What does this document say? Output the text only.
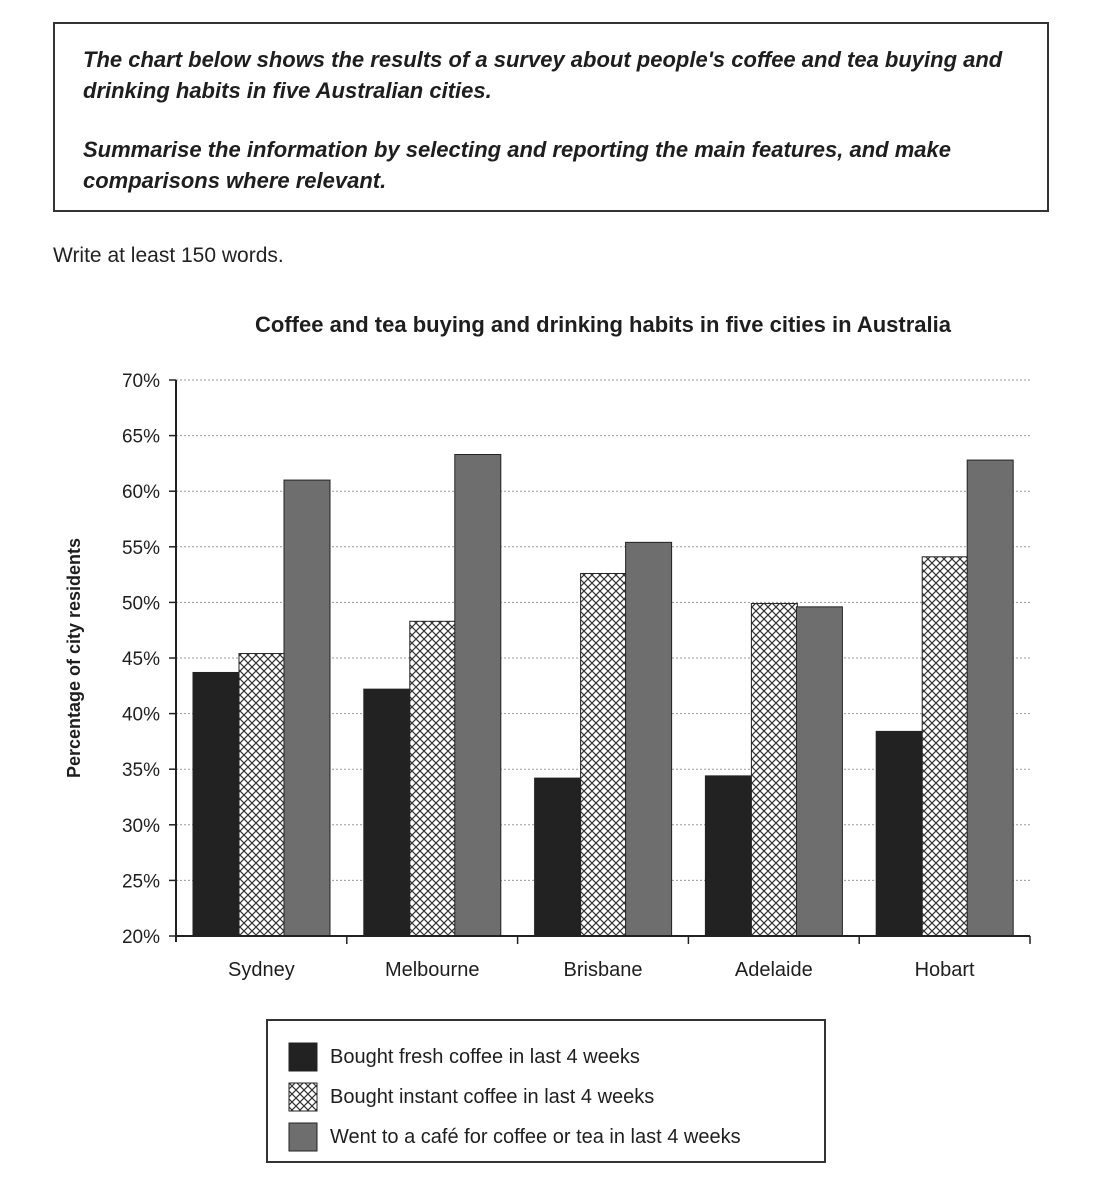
The chart below shows the results of a survey about people's coffee and tea buying and drinking habits in five Australian cities.

Summarise the information by selecting and reporting the main features, and make comparisons where relevant.

Write at least 150 words.
Coffee and tea buying and drinking habits in five cities in Australia
Percentage of city residents
20%
25%
30%
35%
40%
45%
50%
55%
60%
65%
70%
Sydney	Melbourne	Brisbane	Adelaide	Hobart
Bought fresh coffee in last 4 weeks
Bought instant coffee in last 4 weeks
Went to a café for coffee or tea in last 4 weeks
